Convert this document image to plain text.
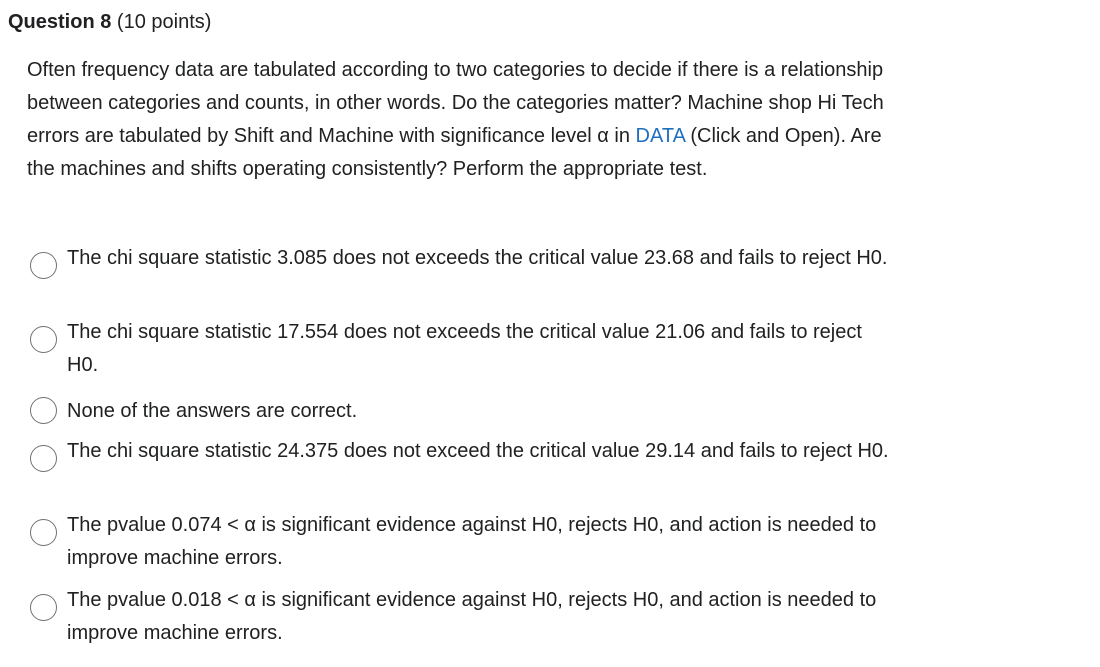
Question 8 (10 points)
Often frequency data are tabulated according to two categories to decide if there is a relationship between categories and counts, in other words. Do the categories matter? Machine shop Hi Tech errors are tabulated by Shift and Machine with significance level α in DATA (Click and Open). Are the machines and shifts operating consistently? Perform the appropriate test.
The chi square statistic 3.085 does not exceeds the critical value 23.68 and fails to reject H0.
The chi square statistic 17.554 does not exceeds the critical value 21.06 and fails to reject H0.
None of the answers are correct.
The chi square statistic 24.375 does not exceed the critical value 29.14 and fails to reject H0.
The pvalue 0.074 < α is significant evidence against H0, rejects H0, and action is needed to improve machine errors.
The pvalue 0.018 < α is significant evidence against H0, rejects H0, and action is needed to improve machine errors.
